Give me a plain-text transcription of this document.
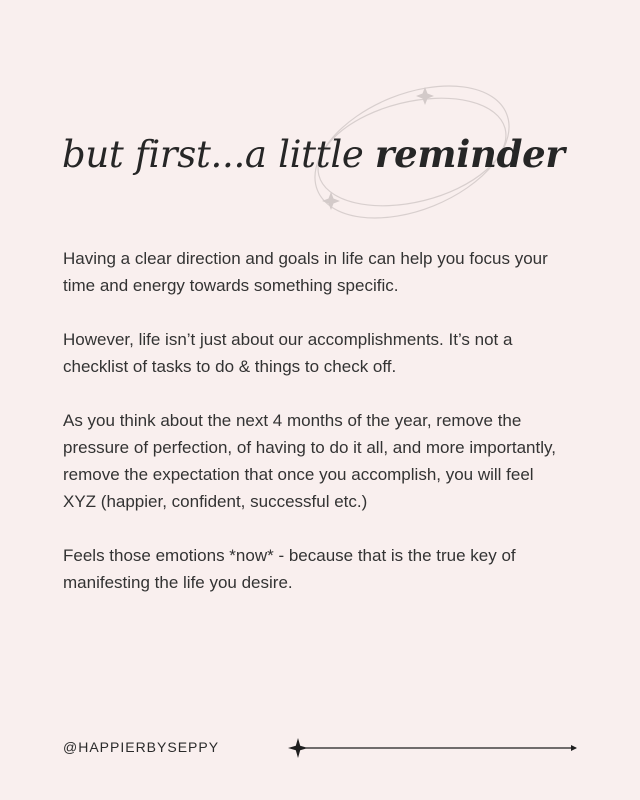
but first...a little reminder

Having a clear direction and goals in life can help you focus your time and energy towards something specific.

However, life isn’t just about our accomplishments. It’s not a checklist of tasks to do & things to check off.

As you think about the next 4 months of the year, remove the pressure of perfection, of having to do it all, and more importantly, remove the expectation that once you accomplish, you will feel XYZ (happier, confident, successful etc.)

Feels those emotions *now* - because that is the true key of manifesting the life you desire.

@HAPPIERBYSEPPY
